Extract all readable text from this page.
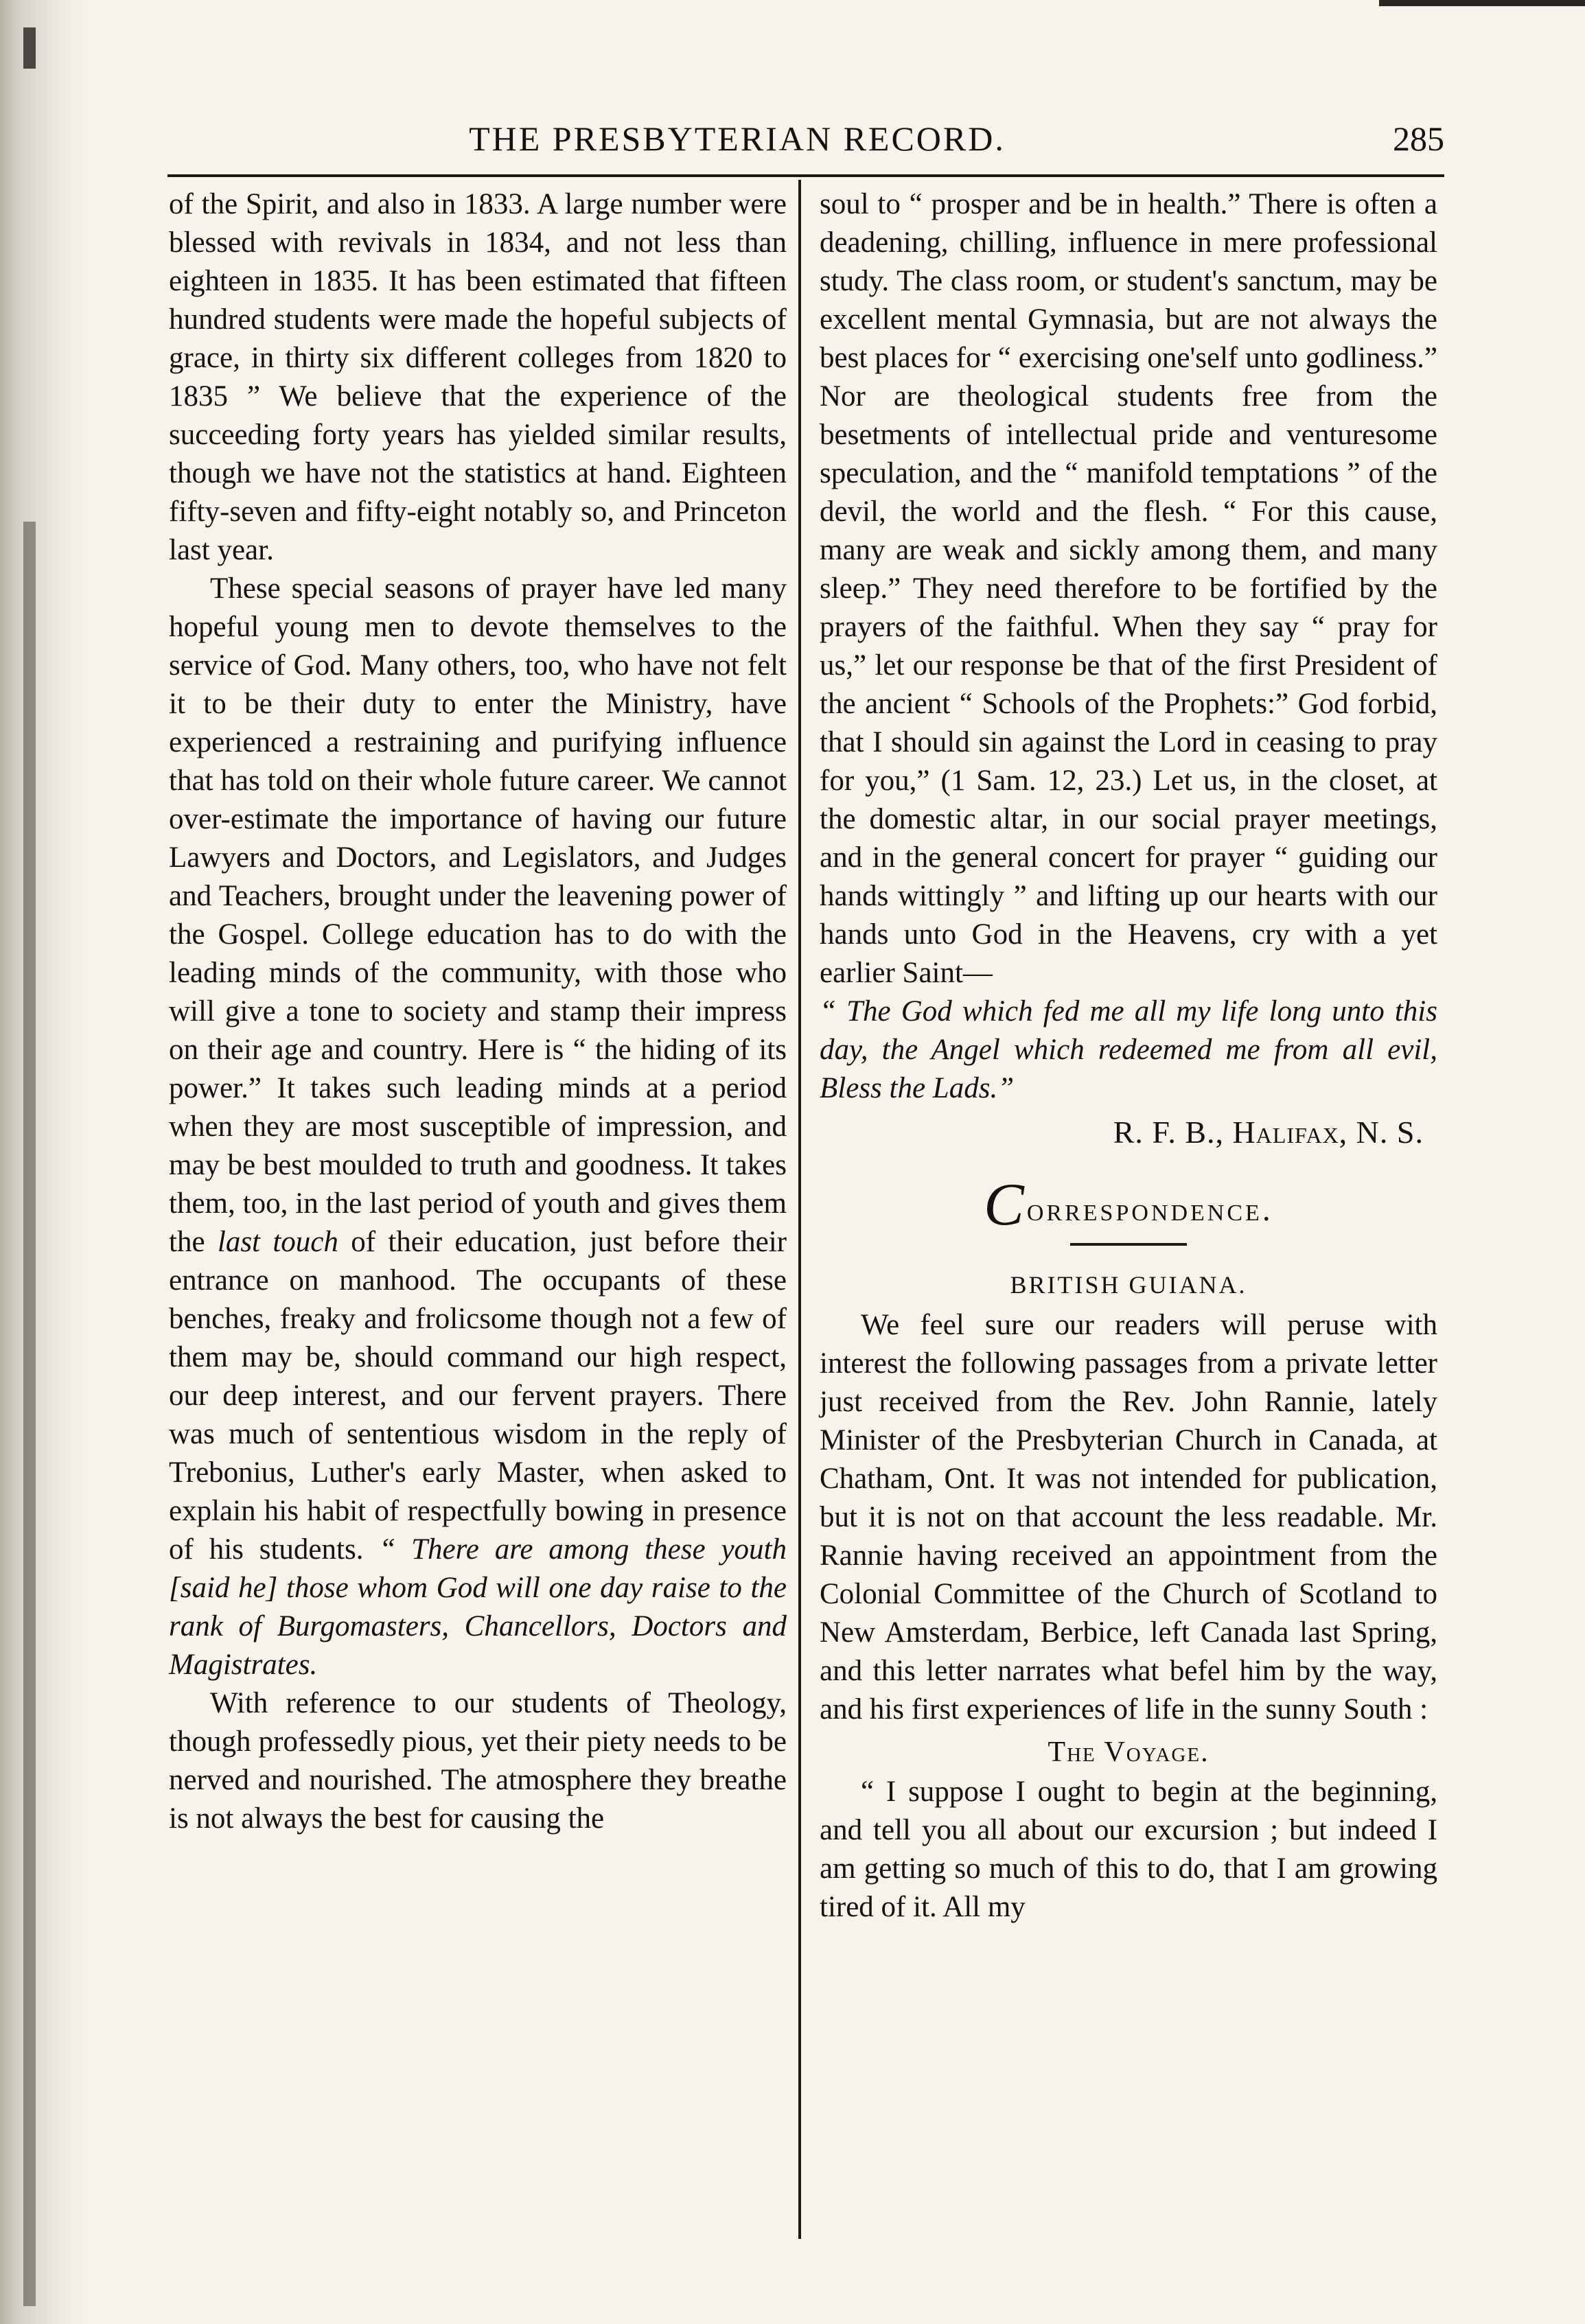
THE PRESBYTERIAN RECORD.	285

of the Spirit, and also in 1833. A large number were blessed with revivals in 1834, and not less than eighteen in 1835. It has been estimated that fifteen hundred students were made the hopeful subjects of grace, in thirty six different colleges from 1820 to 1835 ” We believe that the experience of the succeeding forty years has yielded similar results, though we have not the statistics at hand. Eighteen fifty-seven and fifty-eight notably so, and Princeton last year.

These special seasons of prayer have led many hopeful young men to devote themselves to the service of God. Many others, too, who have not felt it to be their duty to enter the Ministry, have experienced a restraining and purifying influence that has told on their whole future career. We cannot over-estimate the importance of having our future Lawyers and Doctors, and Legislators, and Judges and Teachers, brought under the leavening power of the Gospel. College education has to do with the leading minds of the community, with those who will give a tone to society and stamp their impress on their age and country. Here is “ the hiding of its power.” It takes such leading minds at a period when they are most susceptible of impression, and may be best moulded to truth and goodness. It takes them, too, in the last period of youth and gives them the last touch of their education, just before their entrance on manhood. The occupants of these benches, freaky and frolicsome though not a few of them may be, should command our high respect, our deep interest, and our fervent prayers. There was much of sententious wisdom in the reply of Trebonius, Luther's early Master, when asked to explain his habit of respectfully bowing in presence of his students. “ There are among these youth [said he] those whom God will one day raise to the rank of Burgomasters, Chancellors, Doctors and Magistrates.

With reference to our students of Theology, though professedly pious, yet their piety needs to be nerved and nourished. The atmosphere they breathe is not always the best for causing the

soul to “ prosper and be in health.” There is often a deadening, chilling, influence in mere professional study. The class room, or student's sanctum, may be excellent mental Gymnasia, but are not always the best places for “ exercising one'self unto godliness.” Nor are theological students free from the besetments of intellectual pride and venturesome speculation, and the “ manifold temptations ” of the devil, the world and the flesh. “ For this cause, many are weak and sickly among them, and many sleep.” They need therefore to be fortified by the prayers of the faithful. When they say “ pray for us,” let our response be that of the first President of the ancient “ Schools of the Prophets:” God forbid, that I should sin against the Lord in ceasing to pray for you,” (1 Sam. 12, 23.) Let us, in the closet, at the domestic altar, in our social prayer meetings, and in the general concert for prayer “ guiding our hands wittingly ” and lifting up our hearts with our hands unto God in the Heavens, cry with a yet earlier Saint—

“ The God which fed me all my life long unto this day, the Angel which redeemed me from all evil, Bless the Lads.”

R. F. B., Halifax, N. S.
Correspondence.
BRITISH GUIANA.

We feel sure our readers will peruse with interest the following passages from a private letter just received from the Rev. John Rannie, lately Minister of the Presbyterian Church in Canada, at Chatham, Ont. It was not intended for publication, but it is not on that account the less readable. Mr. Rannie having received an appointment from the Colonial Committee of the Church of Scotland to New Amsterdam, Berbice, left Canada last Spring, and this letter narrates what befel him by the way, and his first experiences of life in the sunny South :

The Voyage.

“ I suppose I ought to begin at the beginning, and tell you all about our excursion ; but indeed I am getting so much of this to do, that I am growing tired of it. All my
